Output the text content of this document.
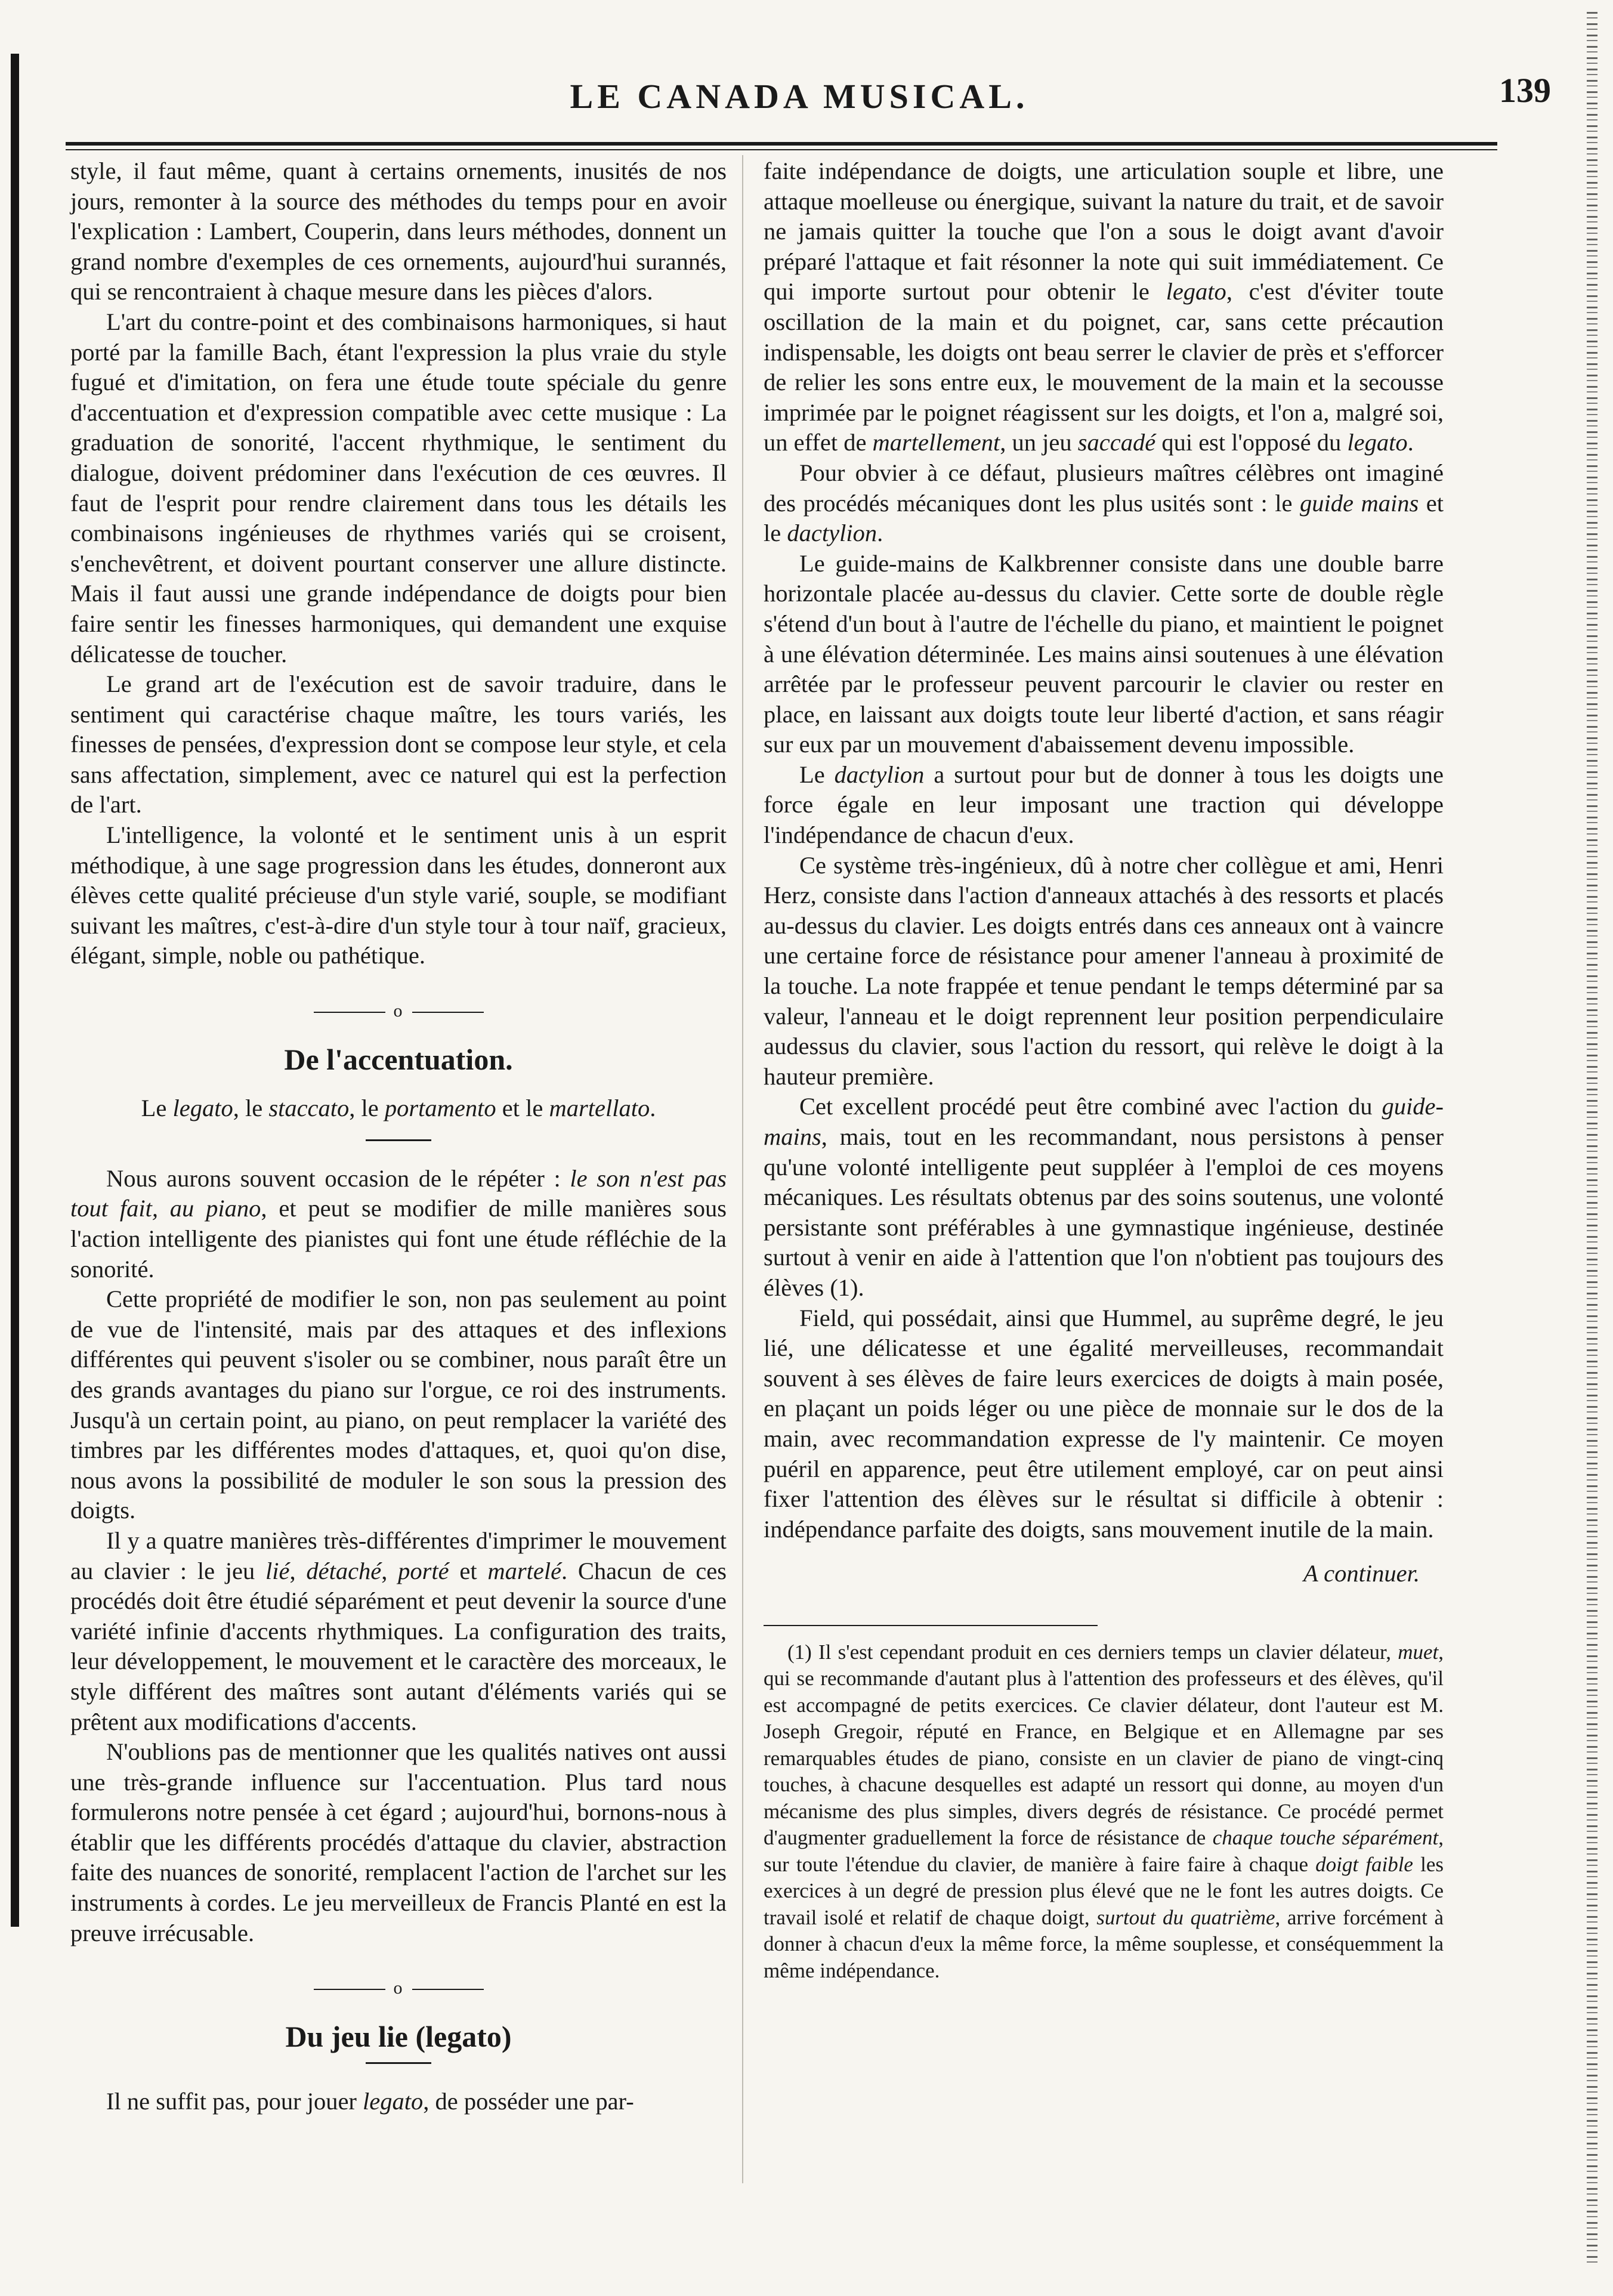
LE CANADA MUSICAL.	139

style, il faut même, quant à certains ornements, inusités de nos jours, remonter à la source des méthodes du temps pour en avoir l'explication : Lambert, Couperin, dans leurs méthodes, donnent un grand nombre d'exemples de ces ornements, aujourd'hui surannés, qui se rencontraient à chaque mesure dans les pièces d'alors.

L'art du contre-point et des combinaisons harmoniques, si haut porté par la famille Bach, étant l'expression la plus vraie du style fugué et d'imitation, on fera une étude toute spéciale du genre d'accentuation et d'expression compatible avec cette musique : La graduation de sonorité, l'accent rhythmique, le sentiment du dialogue, doivent prédominer dans l'exécution de ces œuvres. Il faut de l'esprit pour rendre clairement dans tous les détails les combinaisons ingénieuses de rhythmes variés qui se croisent, s'enchevêtrent, et doivent pourtant conserver une allure distincte. Mais il faut aussi une grande indépendance de doigts pour bien faire sentir les finesses harmoniques, qui demandent une exquise délicatesse de toucher.

Le grand art de l'exécution est de savoir traduire, dans le sentiment qui caractérise chaque maître, les tours variés, les finesses de pensées, d'expression dont se compose leur style, et cela sans affectation, simplement, avec ce naturel qui est la perfection de l'art.

L'intelligence, la volonté et le sentiment unis à un esprit méthodique, à une sage progression dans les études, donneront aux élèves cette qualité précieuse d'un style varié, souple, se modifiant suivant les maîtres, c'est-à-dire d'un style tour à tour naïf, gracieux, élégant, simple, noble ou pathétique.

o
De l'accentuation.

Le legato, le staccato, le portamento et le martellato.

Nous aurons souvent occasion de le répéter : le son n'est pas tout fait, au piano, et peut se modifier de mille manières sous l'action intelligente des pianistes qui font une étude réfléchie de la sonorité.

Cette propriété de modifier le son, non pas seulement au point de vue de l'intensité, mais par des attaques et des inflexions différentes qui peuvent s'isoler ou se combiner, nous paraît être un des grands avantages du piano sur l'orgue, ce roi des instruments. Jusqu'à un certain point, au piano, on peut remplacer la variété des timbres par les différentes modes d'attaques, et, quoi qu'on dise, nous avons la possibilité de moduler le son sous la pression des doigts.

Il y a quatre manières très-différentes d'imprimer le mouvement au clavier : le jeu lié, détaché, porté et martelé. Chacun de ces procédés doit être étudié séparément et peut devenir la source d'une variété infinie d'accents rhythmiques. La configuration des traits, leur développement, le mouvement et le caractère des morceaux, le style différent des maîtres sont autant d'éléments variés qui se prêtent aux modifications d'accents.

N'oublions pas de mentionner que les qualités natives ont aussi une très-grande influence sur l'accentuation. Plus tard nous formulerons notre pensée à cet égard ; aujourd'hui, bornons-nous à établir que les différents procédés d'attaque du clavier, abstraction faite des nuances de sonorité, remplacent l'action de l'archet sur les instruments à cordes. Le jeu merveilleux de Francis Planté en est la preuve irrécusable.

o
Du jeu lie (legato)

Il ne suffit pas, pour jouer legato, de posséder une par-

faite indépendance de doigts, une articulation souple et libre, une attaque moelleuse ou énergique, suivant la nature du trait, et de savoir ne jamais quitter la touche que l'on a sous le doigt avant d'avoir préparé l'attaque et fait résonner la note qui suit immédiatement. Ce qui importe surtout pour obtenir le legato, c'est d'éviter toute oscillation de la main et du poignet, car, sans cette précaution indispensable, les doigts ont beau serrer le clavier de près et s'efforcer de relier les sons entre eux, le mouvement de la main et la secousse imprimée par le poignet réagissent sur les doigts, et l'on a, malgré soi, un effet de martellement, un jeu saccadé qui est l'opposé du legato.

Pour obvier à ce défaut, plusieurs maîtres célèbres ont imaginé des procédés mécaniques dont les plus usités sont : le guide mains et le dactylion.

Le guide-mains de Kalkbrenner consiste dans une double barre horizontale placée au-dessus du clavier. Cette sorte de double règle s'étend d'un bout à l'autre de l'échelle du piano, et maintient le poignet à une élévation déterminée. Les mains ainsi soutenues à une élévation arrêtée par le professeur peuvent parcourir le clavier ou rester en place, en laissant aux doigts toute leur liberté d'action, et sans réagir sur eux par un mouvement d'abaissement devenu impossible.

Le dactylion a surtout pour but de donner à tous les doigts une force égale en leur imposant une traction qui développe l'indépendance de chacun d'eux.

Ce système très-ingénieux, dû à notre cher collègue et ami, Henri Herz, consiste dans l'action d'anneaux attachés à des ressorts et placés au-dessus du clavier. Les doigts entrés dans ces anneaux ont à vaincre une certaine force de résistance pour amener l'anneau à proximité de la touche. La note frappée et tenue pendant le temps déterminé par sa valeur, l'anneau et le doigt reprennent leur position perpendiculaire audessus du clavier, sous l'action du ressort, qui relève le doigt à la hauteur première.

Cet excellent procédé peut être combiné avec l'action du guide-mains, mais, tout en les recommandant, nous persistons à penser qu'une volonté intelligente peut suppléer à l'emploi de ces moyens mécaniques. Les résultats obtenus par des soins soutenus, une volonté persistante sont préférables à une gymnastique ingénieuse, destinée surtout à venir en aide à l'attention que l'on n'obtient pas toujours des élèves (1).

Field, qui possédait, ainsi que Hummel, au suprême degré, le jeu lié, une délicatesse et une égalité merveilleuses, recommandait souvent à ses élèves de faire leurs exercices de doigts à main posée, en plaçant un poids léger ou une pièce de monnaie sur le dos de la main, avec recommandation expresse de l'y maintenir. Ce moyen puéril en apparence, peut être utilement employé, car on peut ainsi fixer l'attention des élèves sur le résultat si difficile à obtenir : indépendance parfaite des doigts, sans mouvement inutile de la main.

A continuer.

(1) Il s'est cependant produit en ces derniers temps un clavier délateur, muet, qui se recommande d'autant plus à l'attention des professeurs et des élèves, qu'il est accompagné de petits exercices. Ce clavier délateur, dont l'auteur est M. Joseph Gregoir, réputé en France, en Belgique et en Allemagne par ses remarquables études de piano, consiste en un clavier de piano de vingt-cinq touches, à chacune desquelles est adapté un ressort qui donne, au moyen d'un mécanisme des plus simples, divers degrés de résistance. Ce procédé permet d'augmenter graduellement la force de résistance de chaque touche séparément, sur toute l'étendue du clavier, de manière à faire faire à chaque doigt faible les exercices à un degré de pression plus élevé que ne le font les autres doigts. Ce travail isolé et relatif de chaque doigt, surtout du quatrième, arrive forcément à donner à chacun d'eux la même force, la même souplesse, et conséquemment la même indépendance.
